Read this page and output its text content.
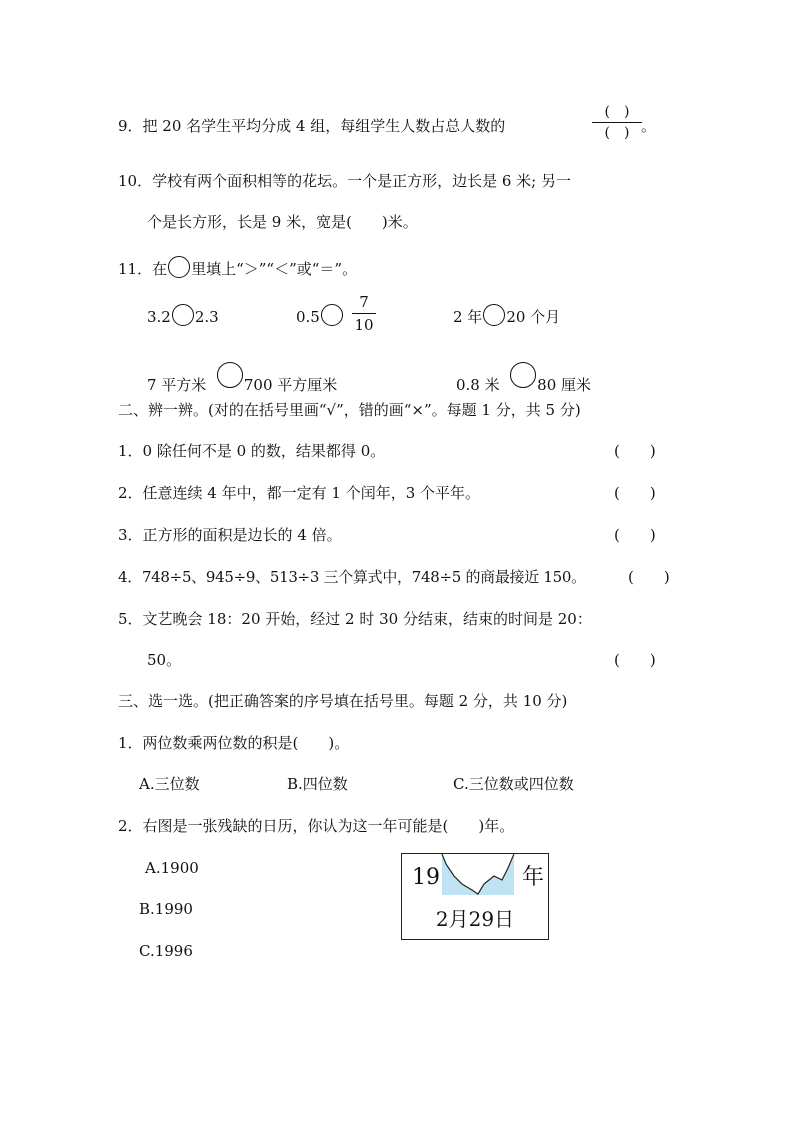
9．把 20 名学生平均分成 4 组，每组学生人数占总人数的
(　)
(　) 。
10．学校有两个面积相等的花坛。一个是正方形，边长是 6 米; 另一
个是长方形，长是 9 米，宽是(　　)米。
11．在 里填上“＞”“＜”或“＝”。
3.2 2.3	0.5
7
10	2 年 20 个月
7 平方米	700 平方厘米	0.8 米	80 厘米
二、辨一辨。(对的在括号里画“√”，错的画“×”。每题 1 分，共 5 分)
1．0 除任何不是 0 的数，结果都得 0。	(　　)
2．任意连续 4 年中，都一定有 1 个闰年，3 个平年。	(　　)
3．正方形的面积是边长的 4 倍。	(　　)
4．748÷5、945÷9、513÷3 三个算式中，748÷5 的商最接近 150。	(　　)
5．文艺晚会 18：20 开始，经过 2 时 30 分结束，结束的时间是 20：
50。	(　　)
三、选一选。(把正确答案的序号填在括号里。每题 2 分，共 10 分)
1．两位数乘两位数的积是(　　)。
A.三位数	B.四位数	C.三位数或四位数
2．右图是一张残缺的日历，你认为这一年可能是(　　)年。
A.1900
B.1990
C.1996
19	年
2月29日
